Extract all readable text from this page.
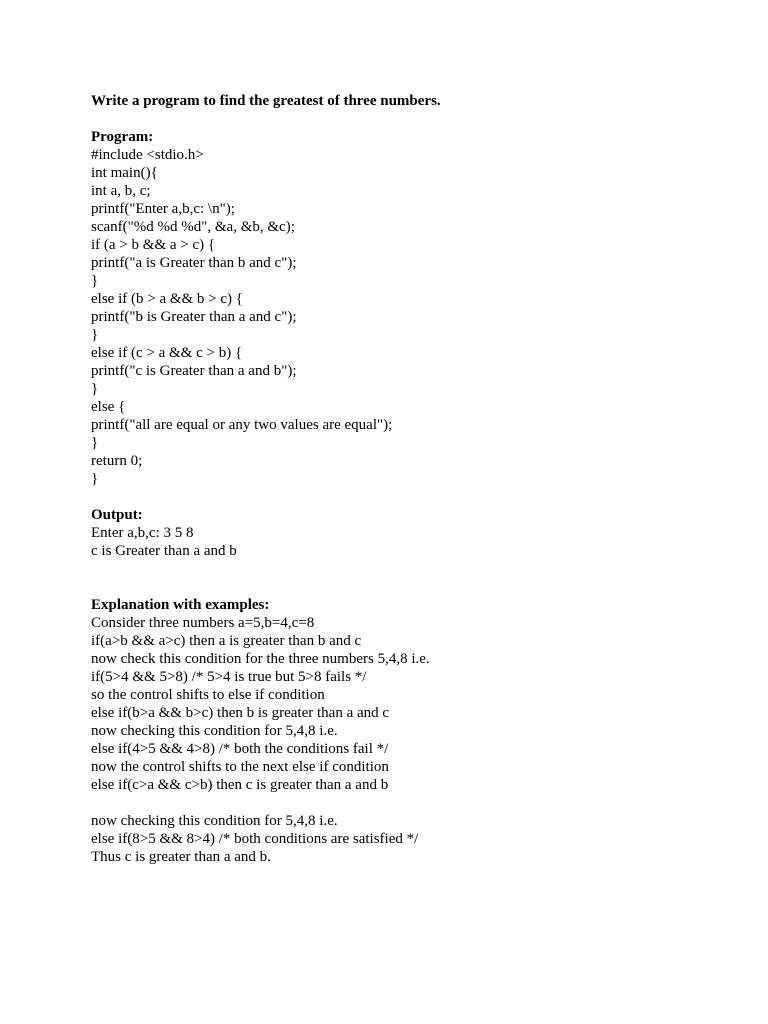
Write a program to find the greatest of three numbers.
Program:
#include <stdio.h>
int main(){
int a, b, c;
printf("Enter a,b,c: \n");
scanf("%d %d %d", &a, &b, &c);
if (a > b && a > c) {
printf("a is Greater than b and c");
}
else if (b > a && b > c) {
printf("b is Greater than a and c");
}
else if (c > a && c > b) {
printf("c is Greater than a and b");
}
else {
printf("all are equal or any two values are equal");
}
return 0;
}
Output:
Enter a,b,c: 3 5 8
c is Greater than a and b
Explanation with examples:
Consider three numbers a=5,b=4,c=8
if(a>b && a>c) then a is greater than b and c
now check this condition for the three numbers 5,4,8 i.e.
if(5>4 && 5>8) /* 5>4 is true but 5>8 fails */
so the control shifts to else if condition
else if(b>a && b>c) then b is greater than a and c
now checking this condition for 5,4,8 i.e.
else if(4>5 && 4>8) /* both the conditions fail */
now the control shifts to the next else if condition
else if(c>a && c>b) then c is greater than a and b
now checking this condition for 5,4,8 i.e.
else if(8>5 && 8>4) /* both conditions are satisfied */
Thus c is greater than a and b.
